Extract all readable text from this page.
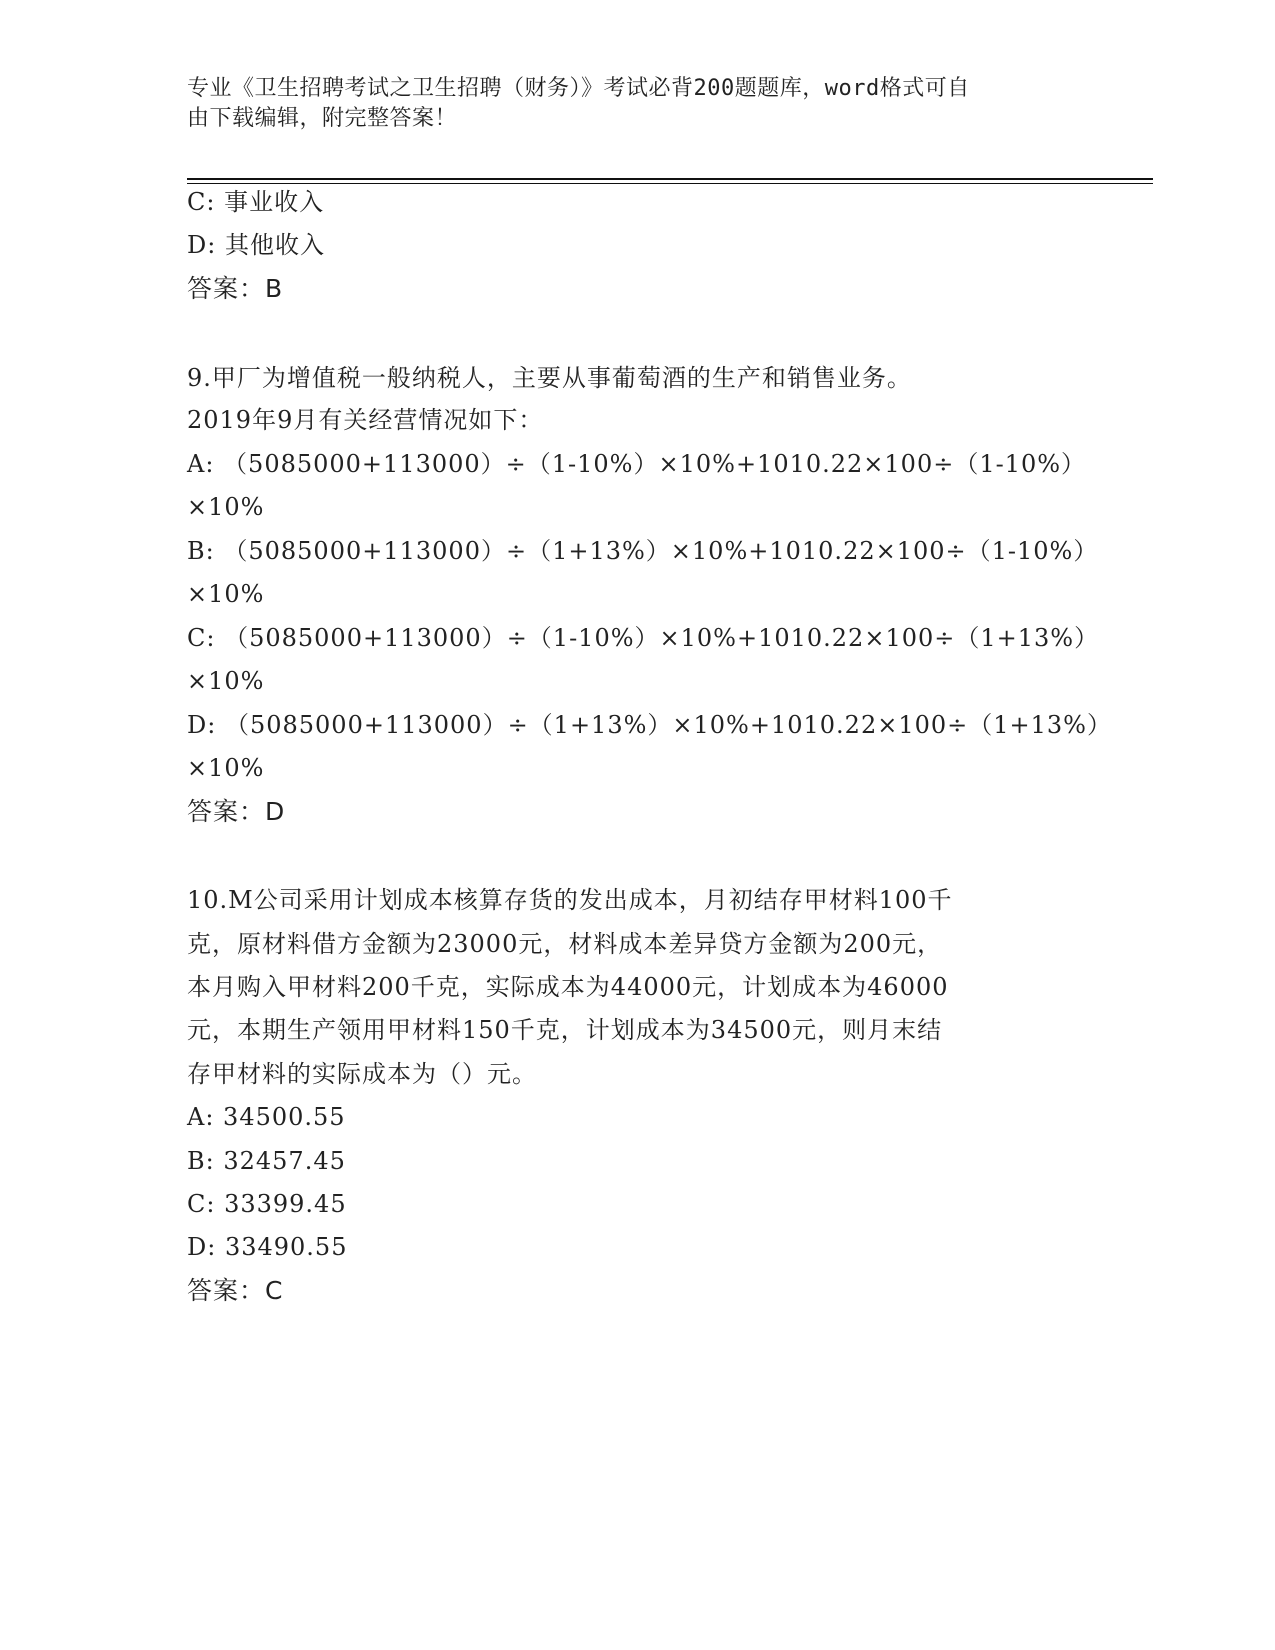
专业《卫生招聘考试之卫生招聘（财务）》考试必背200题题库，word格式可自
由下载编辑，附完整答案！
C: 事业收入
D: 其他收入
答案：B
9.甲厂为增值税一般纳税人，主要从事葡萄酒的生产和销售业务。
2019年9月有关经营情况如下：
A: （5085000+113000）÷（1-10%）×10%+1010.22×100÷（1-10%）
×10%
B: （5085000+113000）÷（1+13%）×10%+1010.22×100÷（1-10%）
×10%
C: （5085000+113000）÷（1-10%）×10%+1010.22×100÷（1+13%）
×10%
D: （5085000+113000）÷（1+13%）×10%+1010.22×100÷（1+13%）
×10%
答案：D
10.M公司采用计划成本核算存货的发出成本，月初结存甲材料100千
克，原材料借方金额为23000元，材料成本差异贷方金额为200元，
本月购入甲材料200千克，实际成本为44000元，计划成本为46000
元，本期生产领用甲材料150千克，计划成本为34500元，则月末结
存甲材料的实际成本为（）元。
A: 34500.55
B: 32457.45
C: 33399.45
D: 33490.55
答案：C
